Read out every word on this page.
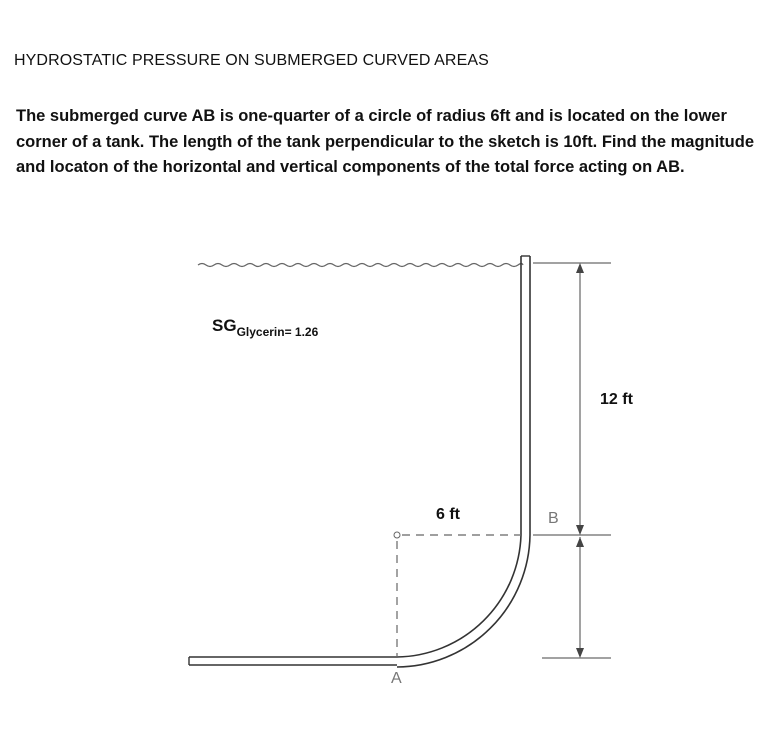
HYDROSTATIC PRESSURE ON SUBMERGED CURVED AREAS
The submerged curve AB is one-quarter of a circle of radius 6ft and is located on the lower corner of a tank. The length of the tank perpendicular to the sketch is 10ft. Find the magnitude and locaton of the horizontal and vertical components of the total force acting on AB.
$SG_{Glycerin= 1.26}$
6 ft
12 ft
B
A
